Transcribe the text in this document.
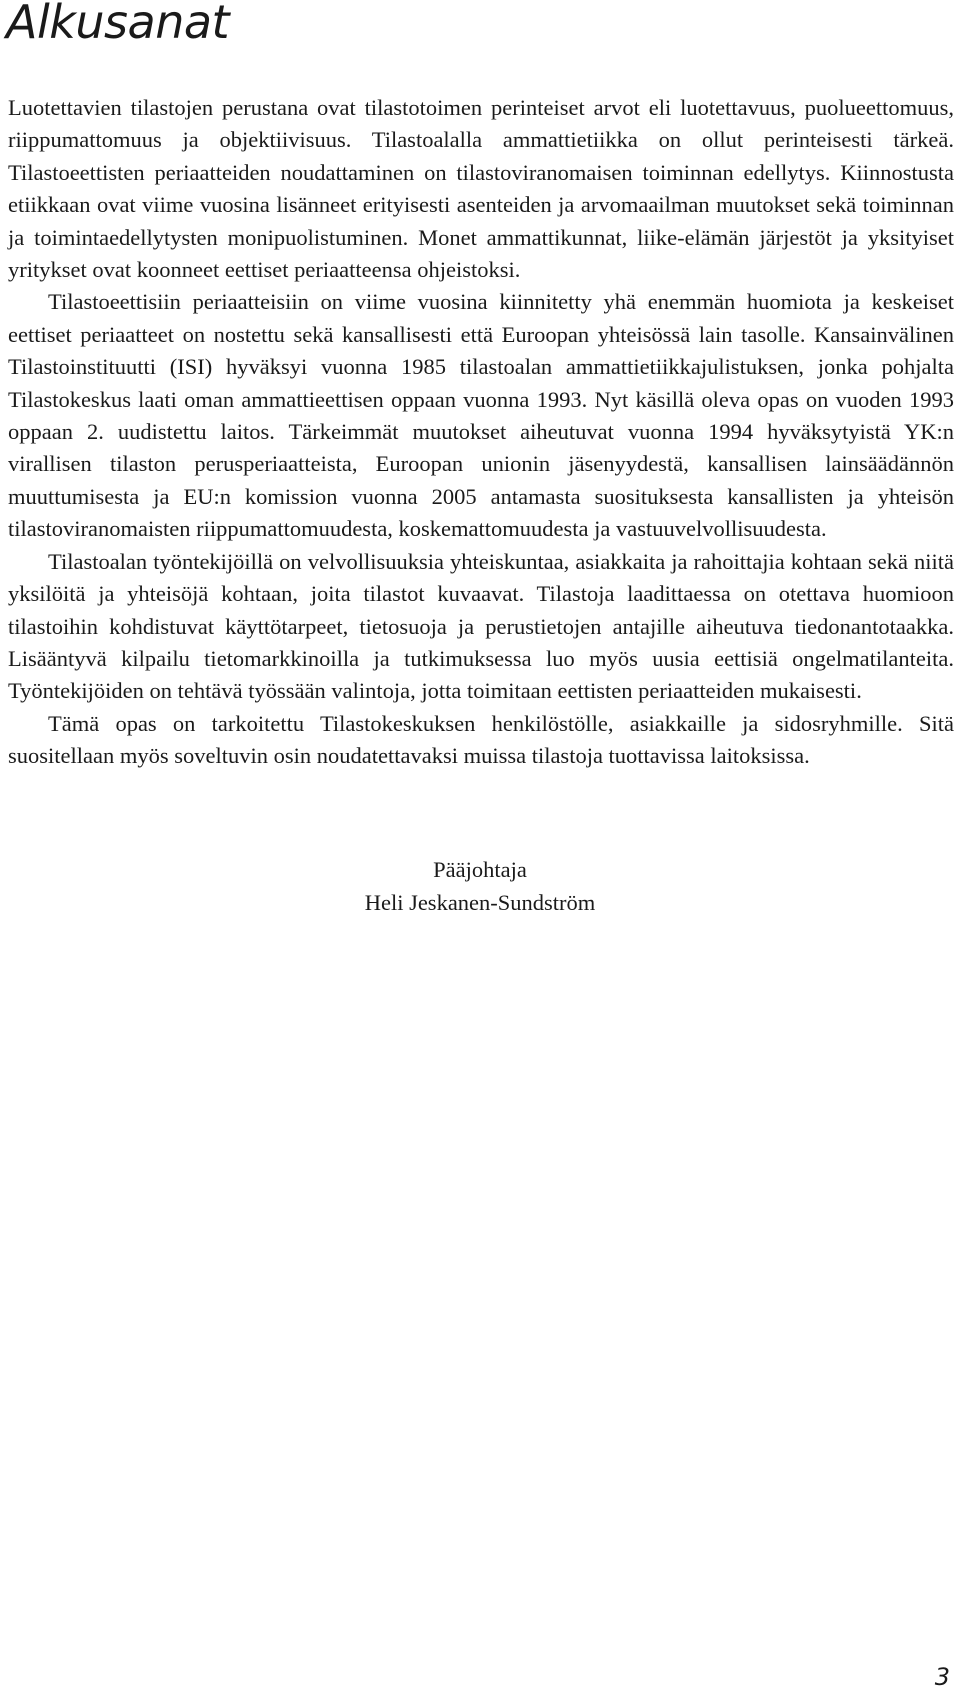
Alkusanat

Luotettavien tilastojen perustana ovat tilastotoimen perinteiset arvot eli luotettavuus, puolueettomuus, riippumattomuus ja objektiivisuus. Tilastoalalla ammattietiikka on ollut perinteisesti tärkeä. Tilastoeettisten periaatteiden noudattaminen on tilastoviranomaisen toiminnan edellytys. Kiinnostusta etiikkaan ovat viime vuosina lisänneet erityisesti asenteiden ja arvomaailman muutokset sekä toiminnan ja toimintaedellytysten monipuolistuminen. Monet ammattikunnat, liike-elämän järjestöt ja yksityiset yritykset ovat koonneet eettiset periaatteensa ohjeistoksi.

Tilastoeettisiin periaatteisiin on viime vuosina kiinnitetty yhä enemmän huomiota ja keskeiset eettiset periaatteet on nostettu sekä kansallisesti että Euroopan yhteisössä lain tasolle. Kansainvälinen Tilastoinstituutti (ISI) hyväksyi vuonna 1985 tilastoalan ammattietiikkajulistuksen, jonka pohjalta Tilastokeskus laati oman ammattieettisen oppaan vuonna 1993. Nyt käsillä oleva opas on vuoden 1993 oppaan 2. uudistettu laitos. Tärkeimmät muutokset aiheutuvat vuonna 1994 hyväksytyistä YK:n virallisen tilaston perusperiaatteista, Euroopan unionin jäsenyydestä, kansallisen lainsäädännön muuttumisesta ja EU:n komission vuonna 2005 antamasta suosituksesta kansallisten ja yhteisön tilastoviranomaisten riippumattomuudesta, koskemattomuudesta ja vastuuvelvollisuudesta.

Tilastoalan työntekijöillä on velvollisuuksia yhteiskuntaa, asiakkaita ja rahoittajia kohtaan sekä niitä yksilöitä ja yhteisöjä kohtaan, joita tilastot kuvaavat. Tilastoja laadittaessa on otettava huomioon tilastoihin kohdistuvat käyttötarpeet, tietosuoja ja perustietojen antajille aiheutuva tiedonantotaakka. Lisääntyvä kilpailu tietomarkkinoilla ja tutkimuksessa luo myös uusia eettisiä ongelmatilanteita. Työntekijöiden on tehtävä työssään valintoja, jotta toimitaan eettisten periaatteiden mukaisesti.

Tämä opas on tarkoitettu Tilastokeskuksen henkilöstölle, asiakkaille ja sidosryhmille. Sitä suositellaan myös soveltuvin osin noudatettavaksi muissa tilastoja tuottavissa laitoksissa.

Pääjohtaja
Heli Jeskanen-Sundström
3
